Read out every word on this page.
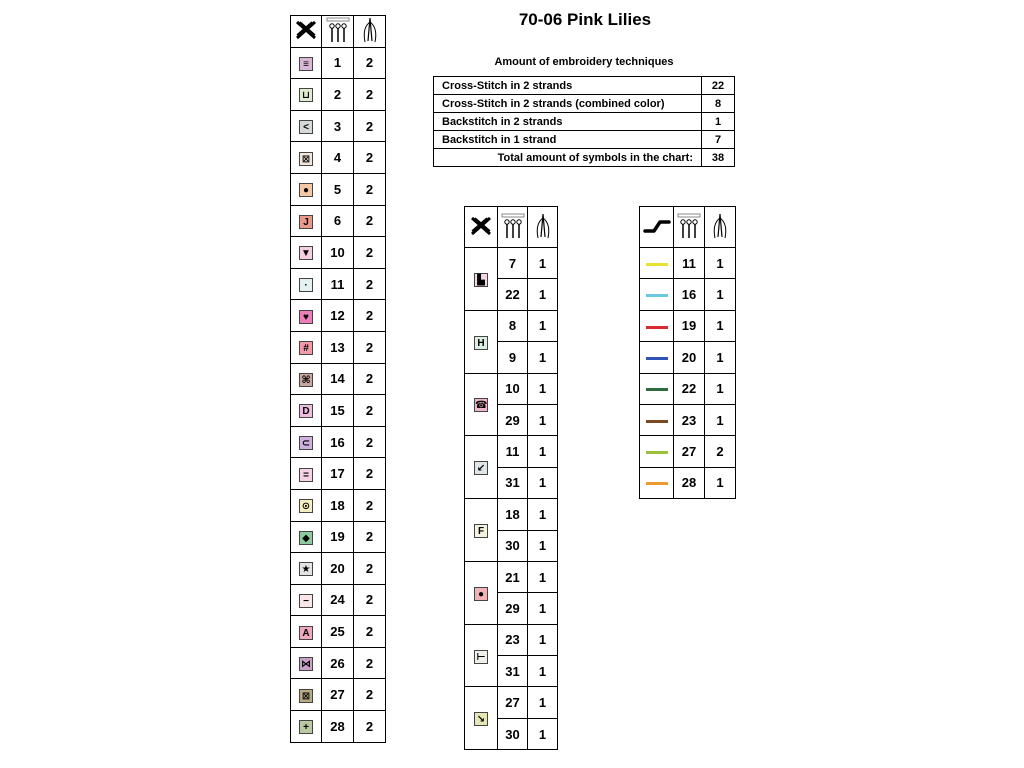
70-06 Pink Lilies
Amount of embroidery techniques
Cross-Stitch in 2 strands	22
Cross-Stitch in 2 strands (combined color)	8
Backstitch in 2 strands	1
Backstitch in 1 strand	7
Total amount of symbols in the chart:	38

≡	1	2
⊔	2	2
<	3	2
⊠	4	2
●	5	2
J	6	2
▼	10	2
·	11	2
♥	12	2
#	13	2
⌘	14	2
D	15	2
⊂	16	2
=	17	2
⊙	18	2
◆	19	2
★	20	2
−	24	2
A	25	2
⋈	26	2
⊠	27	2
+	28	2

▙	7	1
	22	1
H	8	1
	9	1
☎	10	1
	29	1
↙	11	1
	31	1
F	18	1
	30	1
●	21	1
	29	1
⊢	23	1
	31	1
↘	27	1
	30	1

	11	1
	16	1
	19	1
	20	1
	22	1
	23	1
	27	2
	28	1
